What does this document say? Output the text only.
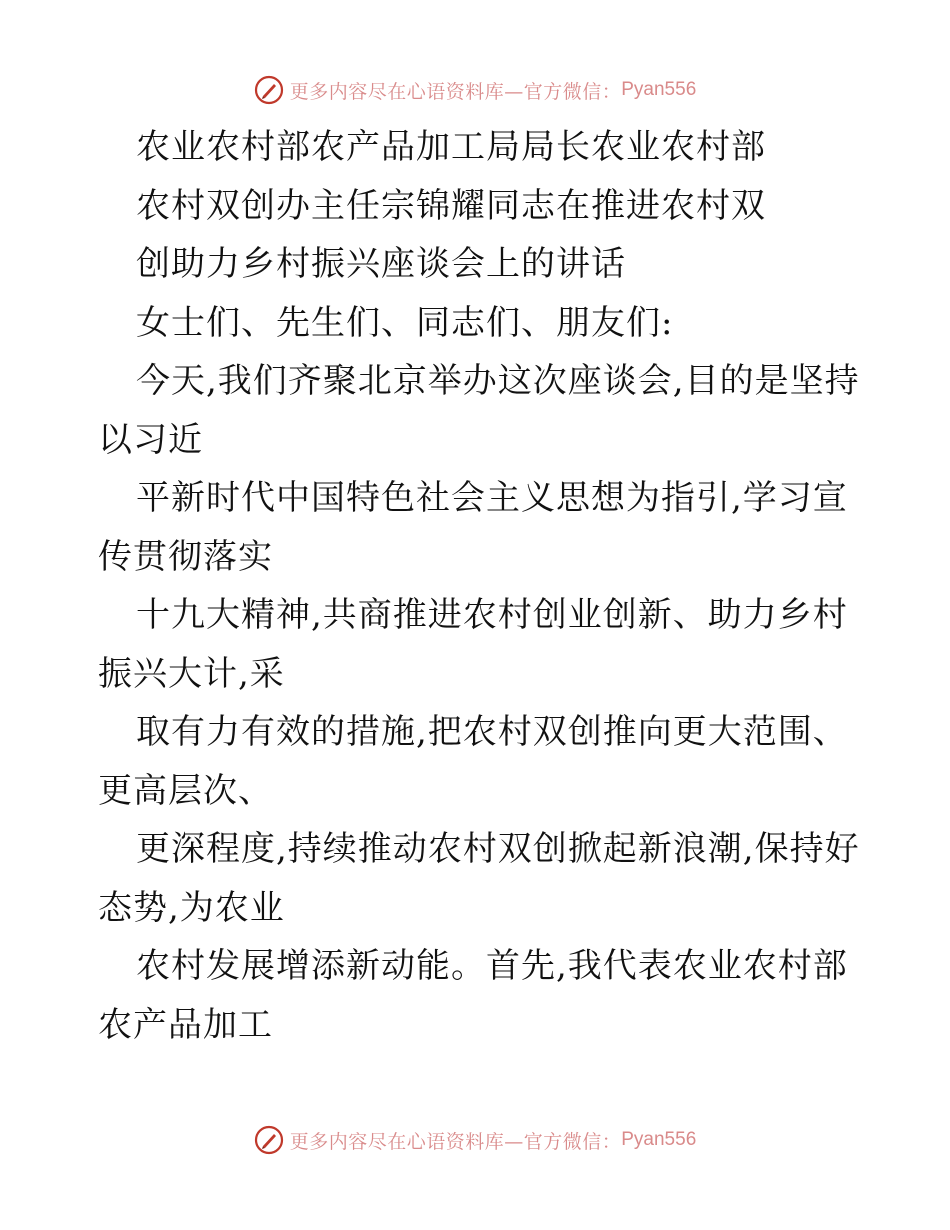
更多内容尽在心语资料库—官方微信： Pyan556
农业农村部农产品加工局局长农业农村部
农村双创办主任宗锦耀同志在推进农村双
创助力乡村振兴座谈会上的讲话
女士们、先生们、同志们、朋友们:
今天,我们齐聚北京举办这次座谈会,目的是坚持
以习近
平新时代中国特色社会主义思想为指引,学习宣
传贯彻落实
十九大精神,共商推进农村创业创新、助力乡村
振兴大计,采
取有力有效的措施,把农村双创推向更大范围、
更高层次、
更深程度,持续推动农村双创掀起新浪潮,保持好
态势,为农业
农村发展增添新动能。首先,我代表农业农村部
农产品加工
更多内容尽在心语资料库—官方微信： Pyan556
